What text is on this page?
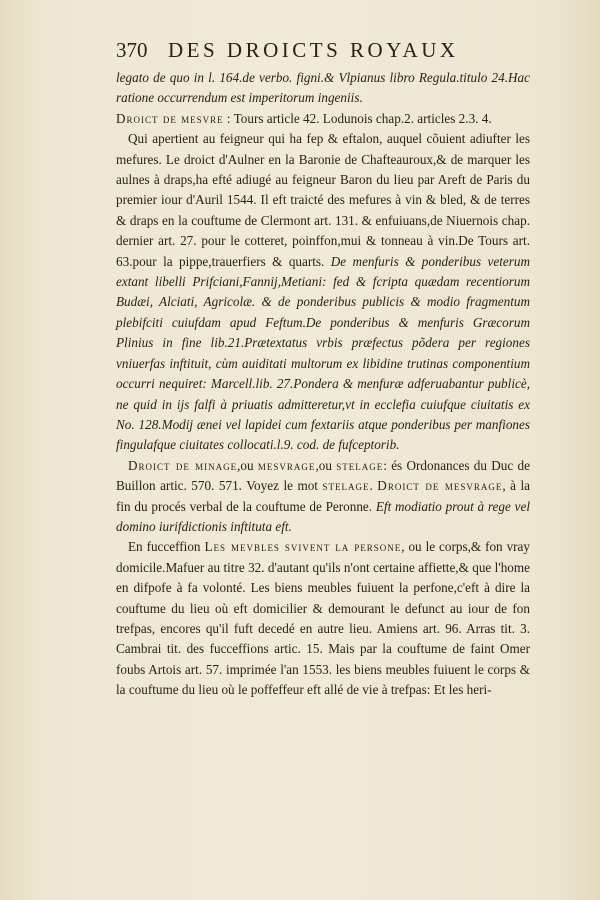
370 DES DROICTS ROYAUX

legato de quo in l. 164.de verbo. figni.& Vlpianus libro Regula.titulo 24.Hac ratione occurrendum est imperitorum ingeniis.

Droict de mesvre : Tours article 42. Lodunois chap.2. articles 2.3. 4.

Qui apertient au feigneur qui ha fep & eftalon, auquel cõuient adiufter les mefures. Le droict d'Aulner en la Baronie de Chafteauroux,& de marquer les aulnes à draps,ha efté adiugé au feigneur Baron du lieu par Areft de Paris du premier iour d'Auril 1544. Il eft traicté des mefures à vin & bled, & de terres & draps en la couftume de Clermont art. 131. & enfuiuans,de Niuernois chap. dernier art. 27. pour le cotteret, poinffon,mui & tonneau à vin.De Tours art. 63.pour la pippe,trauerfiers & quarts. De menfuris & ponderibus veterum extant libelli Prifciani,Fannij,Metiani: fed & fcripta quædam recentiorum Budæi, Alciati, Agricolæ. & de ponderibus publicis & modio fragmentum plebifciti cuiufdam apud Feftum.De ponderibus & menfuris Græcorum Plinius in fine lib.21.Prætextatus vrbis præfectus põdera per regiones vniuerfas inftituit, cùm auiditati multorum ex libidine trutinas componentium occurri nequiret: Marcell.lib. 27.Pondera & menfuræ adferuabantur publicè, ne quid in ijs falfi à priuatis admitteretur,vt in ecclefia cuiufque ciuitatis ex No. 128.Modij ænei vel lapidei cum fextariis atque ponderibus per manfiones fingulafque ciuitates collocati.l.9. cod. de fufceptorib.

Droict de minage,ou mesvrage,ou stelage: és Ordonances du Duc de Buillon artic. 570. 571. Voyez le mot stelage. Droict de mesvrage, à la fin du procés verbal de la couftume de Peronne. Eft modiatio prout à rege vel domino iurifdictionis inftituta eft.

En fucceffion Les mevbles svivent la persone, ou le corps,& fon vray domicile.Mafuer au titre 32. d'autant qu'ils n'ont certaine affiette,& que l'home en difpofe à fa volonté. Les biens meubles fuiuent la perfone,c'eft à dire la couftume du lieu où eft domicilier & demourant le defunct au iour de fon trefpas, encores qu'il fuft decedé en autre lieu. Amiens art. 96. Arras tit. 3. Cambrai tit. des fucceffions artic. 15. Mais par la couftume de faint Omer foubs Artois art. 57. imprimée l'an 1553. les biens meubles fuiuent le corps & la couftume du lieu où le poffeffeur eft allé de vie à trefpas: Et les heri-
